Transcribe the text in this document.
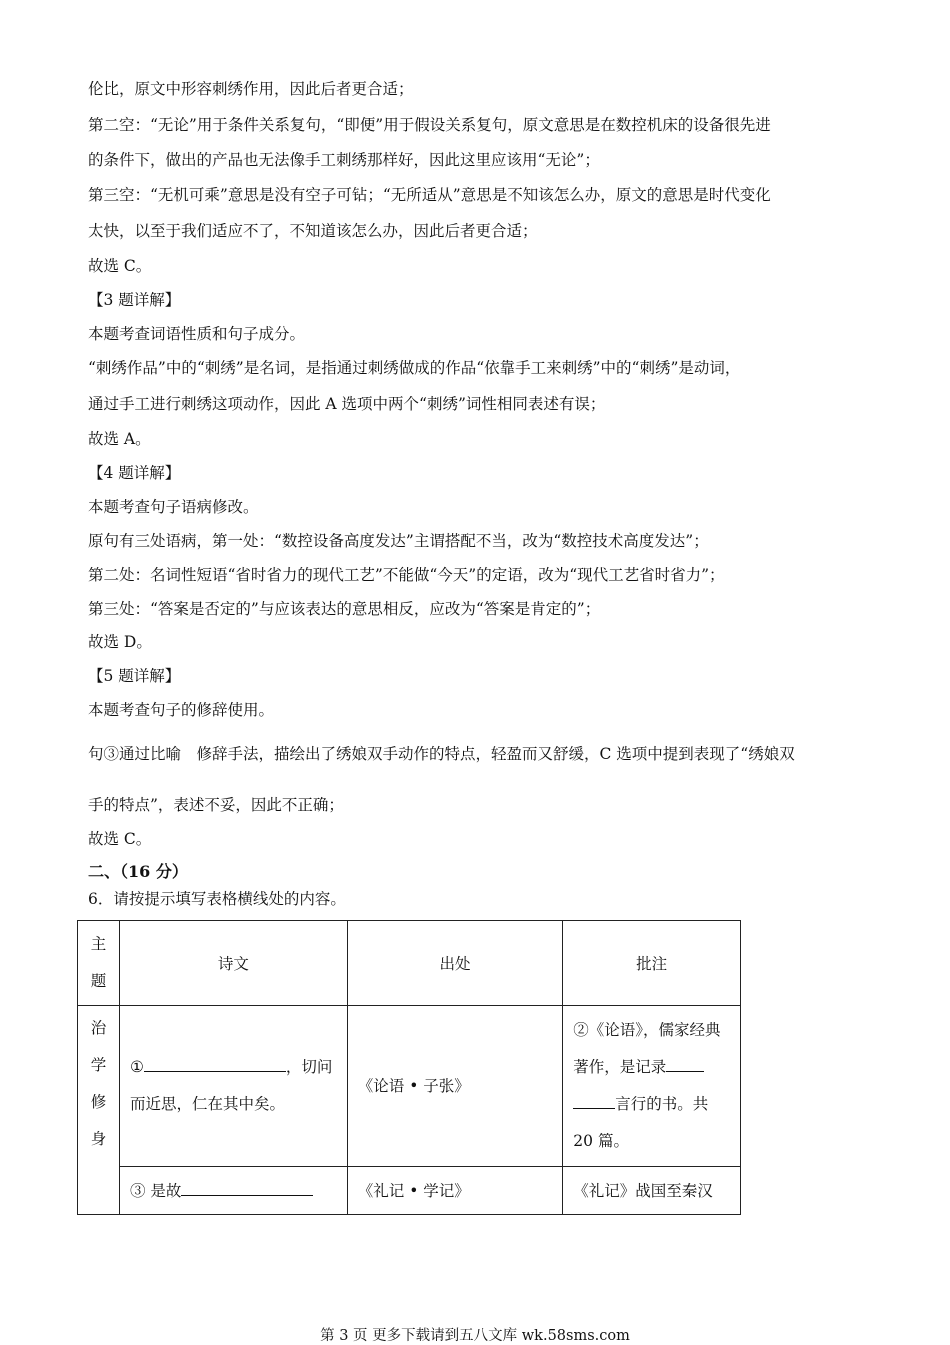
伦比，原文中形容刺绣作用，因此后者更合适；
第二空：“无论”用于条件关系复句，“即便”用于假设关系复句，原文意思是在数控机床的设备很先进
的条件下，做出的产品也无法像手工刺绣那样好，因此这里应该用“无论”；
第三空：“无机可乘”意思是没有空子可钻；“无所适从”意思是不知该怎么办，原文的意思是时代变化
太快，以至于我们适应不了，不知道该怎么办，因此后者更合适；
故选 C。
【3 题详解】
本题考查词语性质和句子成分。
“刺绣作品”中的“刺绣”是名词，是指通过刺绣做成的作品“依靠手工来刺绣”中的“刺绣”是动词，
通过手工进行刺绣这项动作，因此 A 选项中两个“刺绣”词性相同表述有误；
故选 A。
【4 题详解】
本题考查句子语病修改。
原句有三处语病，第一处：“数控设备高度发达”主谓搭配不当，改为“数控技术高度发达”；
第二处：名词性短语“省时省力的现代工艺”不能做“今天”的定语，改为“现代工艺省时省力”；
第三处：“答案是否定的”与应该表达的意思相反，应改为“答案是肯定的”；
故选 D。
【5 题详解】
本题考查句子的修辞使用。
句③通过比喻　修辞手法，描绘出了绣娘双手动作的特点，轻盈而又舒缓，C 选项中提到表现了“绣娘双
手的特点”，表述不妥，因此不正确；
故选 C。
二、（16 分）
6．请按提示填写表格横线处的内容。
主题	诗文	出处	批注
治学修身	① ，切问而近思，仁在其中矣。	《论语 • 子张》	②《论语》，儒家经典著作，是记录
言行的书。共 20 篇。
	③ 是故	《礼记 • 学记》	《礼记》战国至秦汉
第 3 页 更多下载请到五八文库 wk.58sms.com
